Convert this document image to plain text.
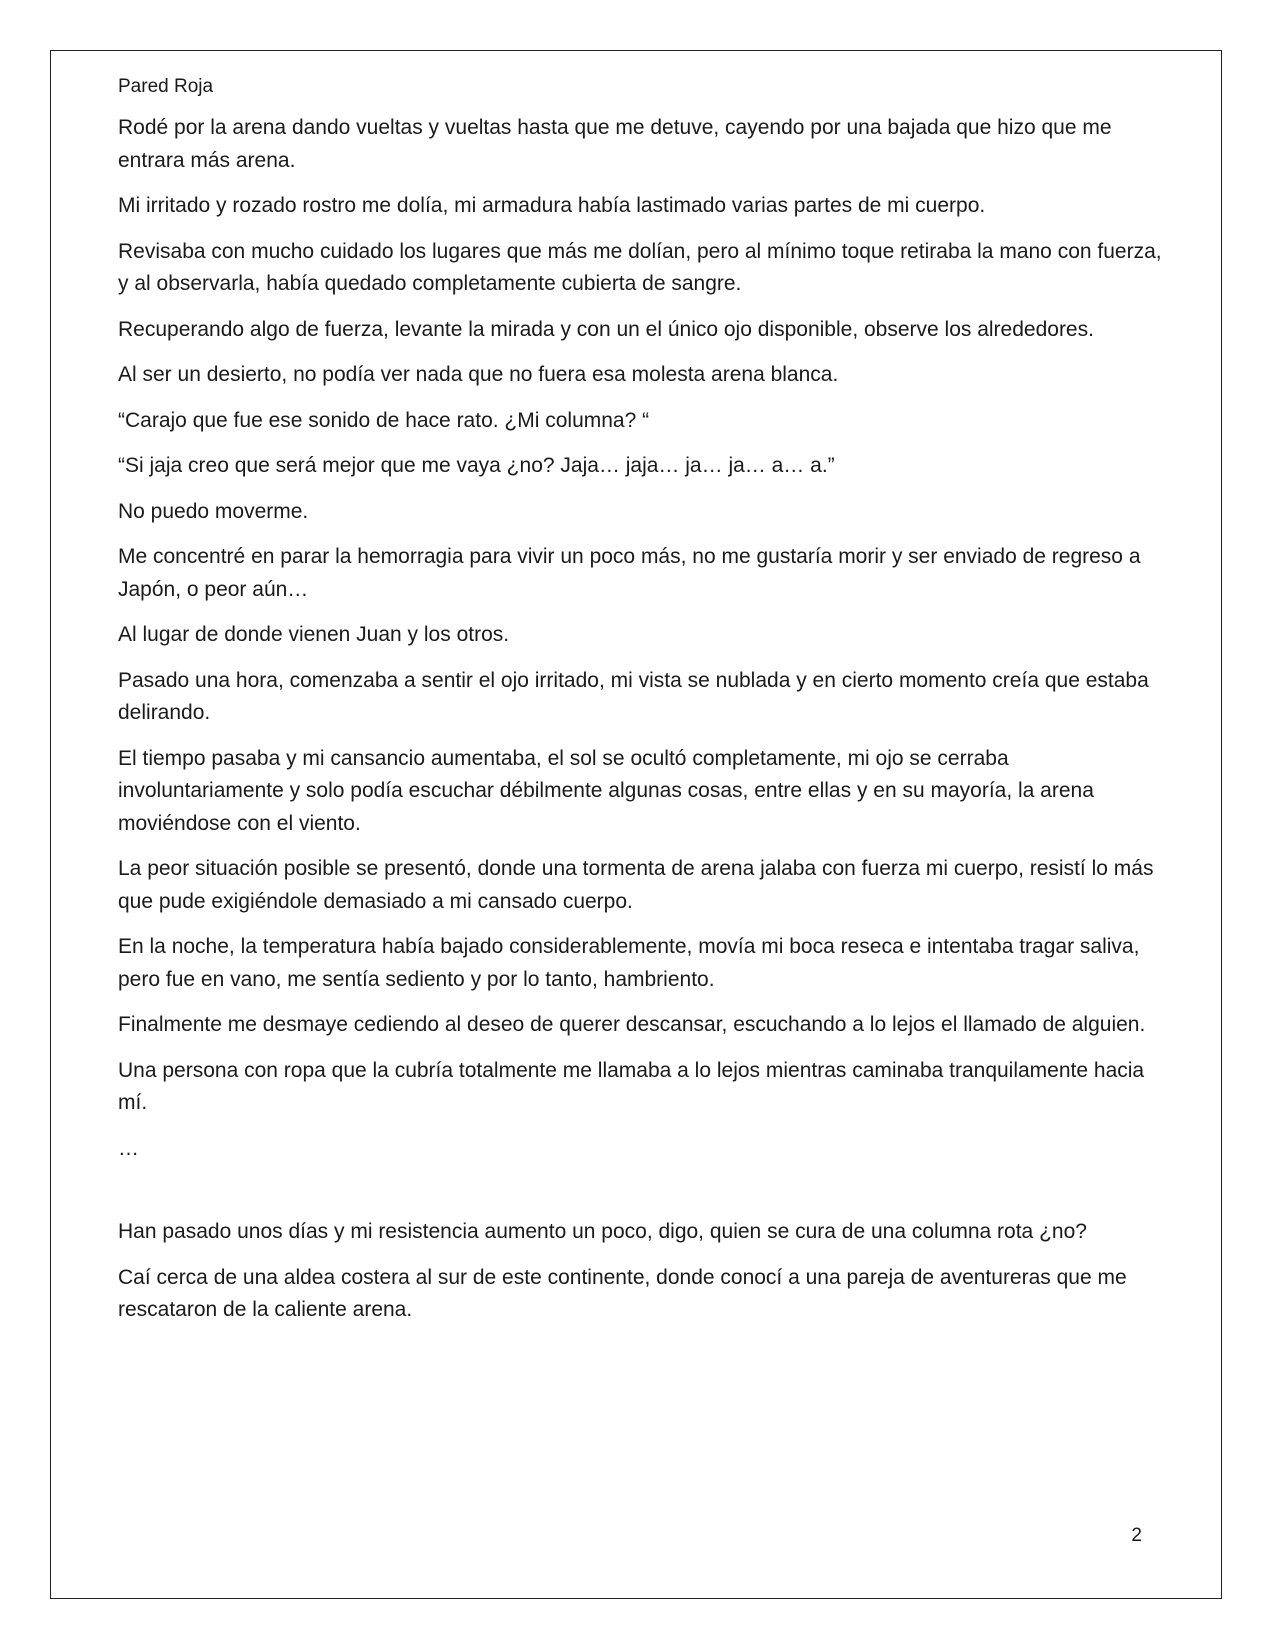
Pared Roja

Rodé por la arena dando vueltas y vueltas hasta que me detuve, cayendo por una bajada que hizo que me entrara más arena.

Mi irritado y rozado rostro me dolía, mi armadura había lastimado varias partes de mi cuerpo.

Revisaba con mucho cuidado los lugares que más me dolían, pero al mínimo toque retiraba la mano con fuerza, y al observarla, había quedado completamente cubierta de sangre.

Recuperando algo de fuerza, levante la mirada y con un el único ojo disponible, observe los alrededores.

Al ser un desierto, no podía ver nada que no fuera esa molesta arena blanca.

“Carajo que fue ese sonido de hace rato. ¿Mi columna? “

“Si jaja creo que será mejor que me vaya ¿no? Jaja… jaja… ja… ja… a… a.”

No puedo moverme.

Me concentré en parar la hemorragia para vivir un poco más, no me gustaría morir y ser enviado de regreso a Japón, o peor aún…

Al lugar de donde vienen Juan y los otros.

Pasado una hora, comenzaba a sentir el ojo irritado, mi vista se nublada y en cierto momento creía que estaba delirando.

El tiempo pasaba y mi cansancio aumentaba, el sol se ocultó completamente, mi ojo se cerraba involuntariamente y solo podía escuchar débilmente algunas cosas, entre ellas y en su mayoría, la arena moviéndose con el viento.

La peor situación posible se presentó, donde una tormenta de arena jalaba con fuerza mi cuerpo, resistí lo más que pude exigiéndole demasiado a mi cansado cuerpo.

En la noche, la temperatura había bajado considerablemente, movía mi boca reseca e intentaba tragar saliva, pero fue en vano, me sentía sediento y por lo tanto, hambriento.

Finalmente me desmaye cediendo al deseo de querer descansar, escuchando a lo lejos el llamado de alguien.

Una persona con ropa que la cubría totalmente me llamaba a lo lejos mientras caminaba tranquilamente hacia mí.

…

Han pasado unos días y mi resistencia aumento un poco, digo, quien se cura de una columna rota ¿no?

Caí cerca de una aldea costera al sur de este continente, donde conocí a una pareja de aventureras que me rescataron de la caliente arena.

2
